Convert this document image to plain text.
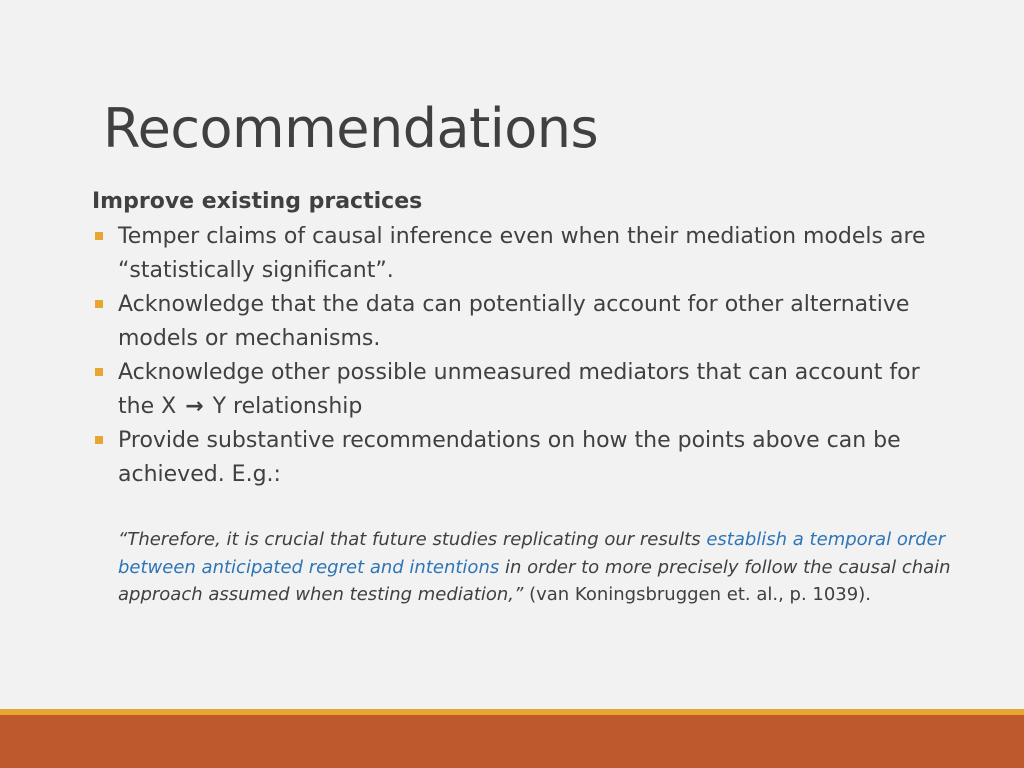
Recommendations
Improve existing practices
Temper claims of causal inference even when their mediation models are “statistically significant”.
Acknowledge that the data can potentially account for other alternative models or mechanisms.
Acknowledge other possible unmeasured mediators that can account for the X → Y relationship
Provide substantive recommendations on how the points above can be achieved. E.g.:

“Therefore, it is crucial that future studies replicating our results establish a temporal order between anticipated regret and intentions in order to more precisely follow the causal chain approach assumed when testing mediation,” (van Koningsbruggen et. al., p. 1039).
